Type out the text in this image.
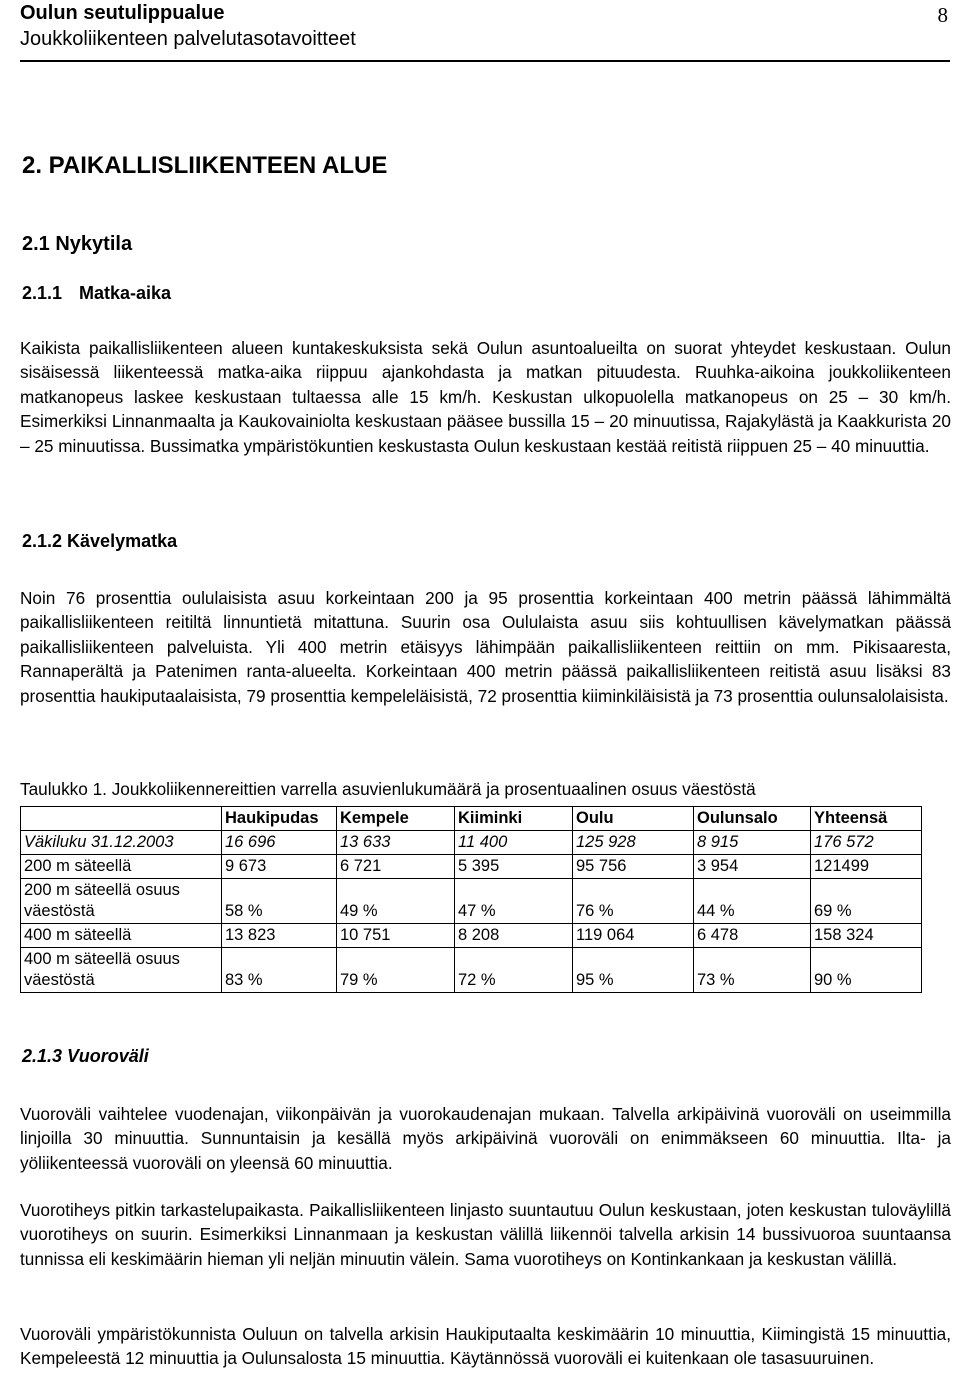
Oulun seutulippualue
Joukkoliikenteen palvelutasotavoitteet
8
2. PAIKALLISLIIKENTEEN ALUE
2.1 Nykytila
2.1.1 Matka-aika

Kaikista paikallisliikenteen alueen kuntakeskuksista sekä Oulun asuntoalueilta on suorat yhteydet keskustaan. Oulun sisäisessä liikenteessä matka-aika riippuu ajankohdasta ja matkan pituudesta. Ruuhka-aikoina joukkoliikenteen matkanopeus laskee keskustaan tultaessa alle 15 km/h. Keskustan ulkopuolella matkanopeus on 25 – 30 km/h. Esimerkiksi Linnanmaalta ja Kaukovainiolta keskustaan pääsee bussilla 15 – 20 minuutissa, Rajakylästä ja Kaakkurista 20 – 25 minuutissa. Bussimatka ympäristökuntien keskustasta Oulun keskustaan kestää reitistä riippuen 25 – 40 minuuttia.

2.1.2 Kävelymatka

Noin 76 prosenttia oululaisista asuu korkeintaan 200 ja 95 prosenttia korkeintaan 400 metrin päässä lähimmältä paikallisliikenteen reitiltä linnuntietä mitattuna. Suurin osa Oululaista asuu siis kohtuullisen kävelymatkan päässä paikallisliikenteen palveluista. Yli 400 metrin etäisyys lähimpään paikallisliikenteen reittiin on mm. Pikisaaresta, Rannaperältä ja Patenimen ranta-alueelta. Korkeintaan 400 metrin päässä paikallisliikenteen reitistä asuu lisäksi 83 prosenttia haukiputaalaisista, 79 prosenttia kempeleläisistä, 72 prosenttia kiiminkiläisistä ja 73 prosenttia oulunsalolaisista.

Taulukko 1. Joukkoliikennereittien varrella asuvienlukumäärä ja prosentuaalinen osuus väestöstä
	Haukipudas	Kempele	Kiiminki	Oulu	Oulunsalo	Yhteensä
Väkiluku 31.12.2003	16 696	13 633	11 400	125 928	8 915	176 572
200 m säteellä	9 673	6 721	5 395	95 756	3 954	121499
200 m säteellä osuus väestöstä	58 %	49 %	47 %	76 %	44 %	69 %
400 m säteellä	13 823	10 751	8 208	119 064	6 478	158 324
400 m säteellä osuus väestöstä	83 %	79 %	72 %	95 %	73 %	90 %
2.1.3 Vuoroväli

Vuoroväli vaihtelee vuodenajan, viikonpäivän ja vuorokaudenajan mukaan. Talvella arkipäivinä vuoroväli on useimmilla linjoilla 30 minuuttia. Sunnuntaisin ja kesällä myös arkipäivinä vuoroväli on enimmäkseen 60 minuuttia. Ilta- ja yöliikenteessä vuoroväli on yleensä 60 minuuttia.

Vuorotiheys pitkin tarkastelupaikasta. Paikallisliikenteen linjasto suuntautuu Oulun keskustaan, joten keskustan tuloväylillä vuorotiheys on suurin. Esimerkiksi Linnanmaan ja keskustan välillä liikennöi talvella arkisin 14 bussivuoroa suuntaansa tunnissa eli keskimäärin hieman yli neljän minuutin välein. Sama vuorotiheys on Kontinkankaan ja keskustan välillä.

Vuoroväli ympäristökunnista Ouluun on talvella arkisin Haukiputaalta keskimäärin 10 minuuttia, Kiimingistä 15 minuuttia, Kempeleestä 12 minuuttia ja Oulunsalosta 15 minuuttia. Käytännössä vuoroväli ei kuitenkaan ole tasasuuruinen.
